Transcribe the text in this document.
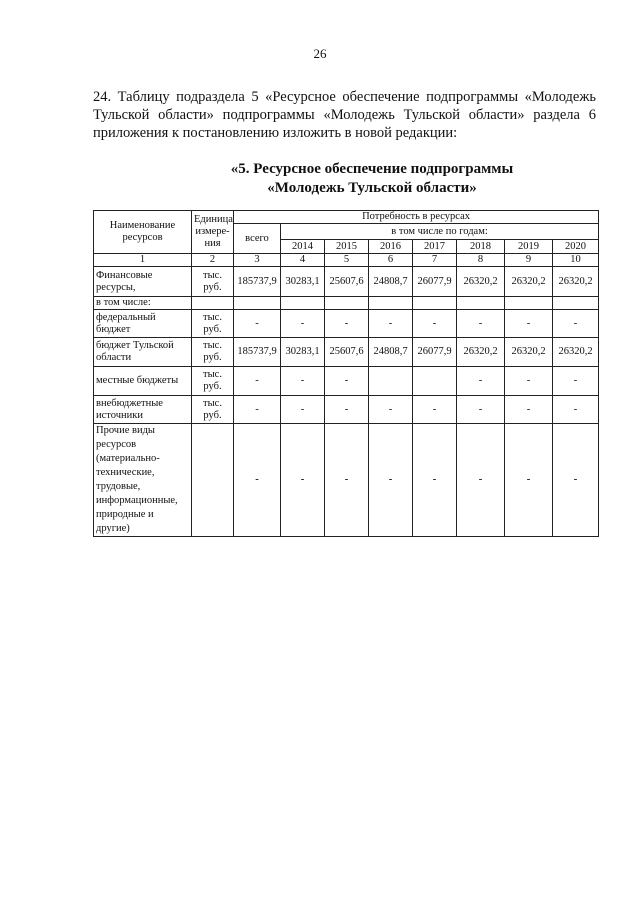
26

24. Таблицу подраздела 5 «Ресурсное обеспечение подпрограммы «Молодежь Тульской области» подпрограммы «Молодежь Тульской области» раздела 6 приложения к постановлению изложить в новой редакции:

«5. Ресурсное обеспечение подпрограммы
«Молодежь Тульской области»
Наименование ресурсов	Единица измере-ния	Потребность в ресурсах							
		всего	в том числе по годам:						
			2014	2015	2016	2017	2018	2019	2020
1	2	3	4	5	6	7	8	9	10
Финансовые ресурсы,	тыс. руб.	185737,9	30283,1	25607,6	24808,7	26077,9	26320,2	26320,2	26320,2
в том числе:									
федеральный бюджет	тыс. руб.	-	-	-	-	-	-	-	-
бюджет Тульской области	тыс. руб.	185737,9	30283,1	25607,6	24808,7	26077,9	26320,2	26320,2	26320,2
местные бюджеты	тыс. руб.	-	-	-			-	-	-
внебюджетные источники	тыс. руб.	-	-	-	-	-	-	-	-
Прочие виды ресурсов (материально-технические, трудовые, информационные, природные и другие)		-	-	-	-	-	-	-	-
